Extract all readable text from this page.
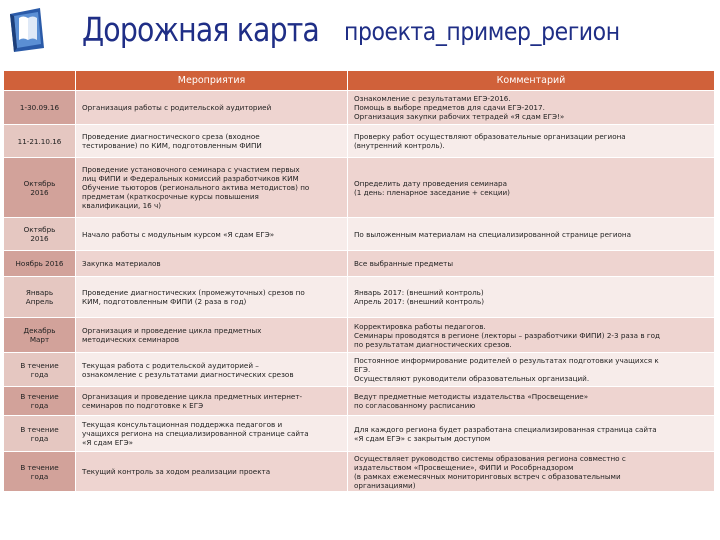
Дорожная карта проекта_пример_регион
	Мероприятия	Комментарий

1-30.09.16	Организация работы с родительской аудиторией	Ознакомление с результатами ЕГЭ-2016.
Помощь в выборе предметов для сдачи ЕГЭ-2017.
Организация закупки рабочих тетрадей «Я сдам ЕГЭ!»

11-21.10.16	Проведение диагностического среза (входное
тестирование) по КИМ, подготовленным ФИПИ	Проверку работ осуществляют образовательные организации региона
(внутренний контроль).

Октябрь
2016	Проведение установочного семинара с участием первых
лиц ФИПИ и Федеральных комиссий разработчиков КИМ
Обучение тьюторов (регионального актива методистов) по
предметам (краткосрочные курсы повышения
квалификации, 16 ч)	Определить дату проведения семинара
(1 день: пленарное заседание + секции)

Октябрь
2016	Начало работы с модульным курсом «Я сдам ЕГЭ»	По выложенным материалам на специализированной странице региона

Ноябрь 2016	Закупка материалов	Все выбранные предметы

Январь
Апрель	Проведение диагностических (промежуточных) срезов по
КИМ, подготовленным ФИПИ (2 раза в год)	Январь 2017: (внешний контроль)
Апрель 2017: (внешний контроль)

Декабрь
Март	Организация и проведение цикла предметных
методических семинаров	Корректировка работы педагогов.
Семинары проводятся в регионе (лекторы – разработчики ФИПИ) 2-3 раза в год
по результатам диагностических срезов.

В течение
года	Текущая работа с родительской аудиторией –
ознакомление с результатами диагностических срезов	Постоянное информирование родителей о результатах подготовки учащихся к
ЕГЭ.
Осуществляют руководители образовательных организаций.

В течение
года	Организация и проведение цикла предметных интернет-
семинаров по подготовке к ЕГЭ	Ведут предметные методисты издательства «Просвещение»
по согласованному расписанию

В течение
года	Текущая консультационная поддержка педагогов и
учащихся региона на специализированной странице сайта
«Я сдам ЕГЭ»	Для каждого региона будет разработана специализированная страница сайта
«Я сдам ЕГЭ» с закрытым доступом

В течение
года	Текущий контроль за ходом реализации проекта	Осуществляет руководство системы образования региона совместно с
издательством «Просвещение», ФИПИ и Рособрнадзором
(в рамках ежемесячных мониторинговых встреч с образовательными
организациями)
